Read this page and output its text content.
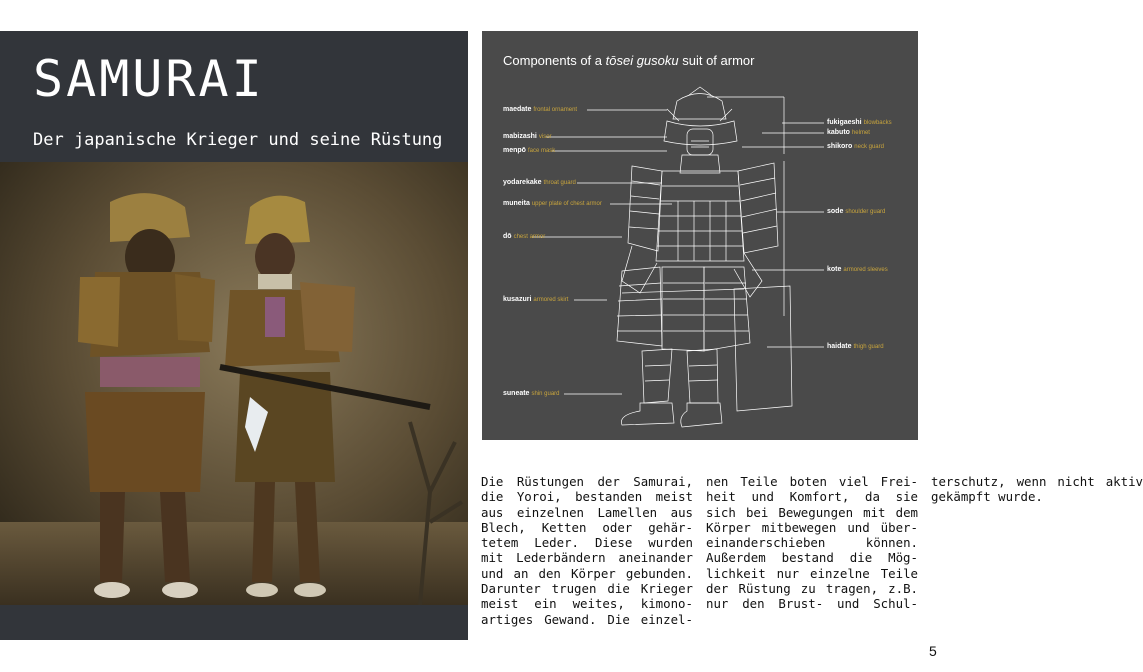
SAMURAI
Der japanische Krieger und seine Rüstung
Components of a tōsei gusoku suit of armor
maedate frontal ornament
mabizashi visor
menpō face mask
yodarekake throat guard
muneita upper plate of chest armor
dō chest armor
kusazuri armored skirt
suneate shin guard
fukigaeshi blowbacks
kabuto helmet
shikoro neck guard
sode shoulder guard
kote armored sleeves
haidate thigh guard

Die Rüstungen der Samurai, die Yoroi, bestanden meist aus einzelnen Lamellen aus Blech, Ketten oder gehärtetem Leder. Diese wurden mit Lederbändern aneinander und an den Körper gebunden. Darunter trugen die Krieger meist ein weites, kimonoartiges Gewand. Die einzelnen Teile boten viel Freiheit und Komfort, da sie sich bei Bewegungen mit dem Körper mitbewegen und übereinanderschieben können. Außerdem bestand die Möglichkeit nur einzelne Teile der Rüstung zu tragen, z.B. nur den Brust- und Schulterschutz, wenn nicht aktiv gekämpft wurde.

5
